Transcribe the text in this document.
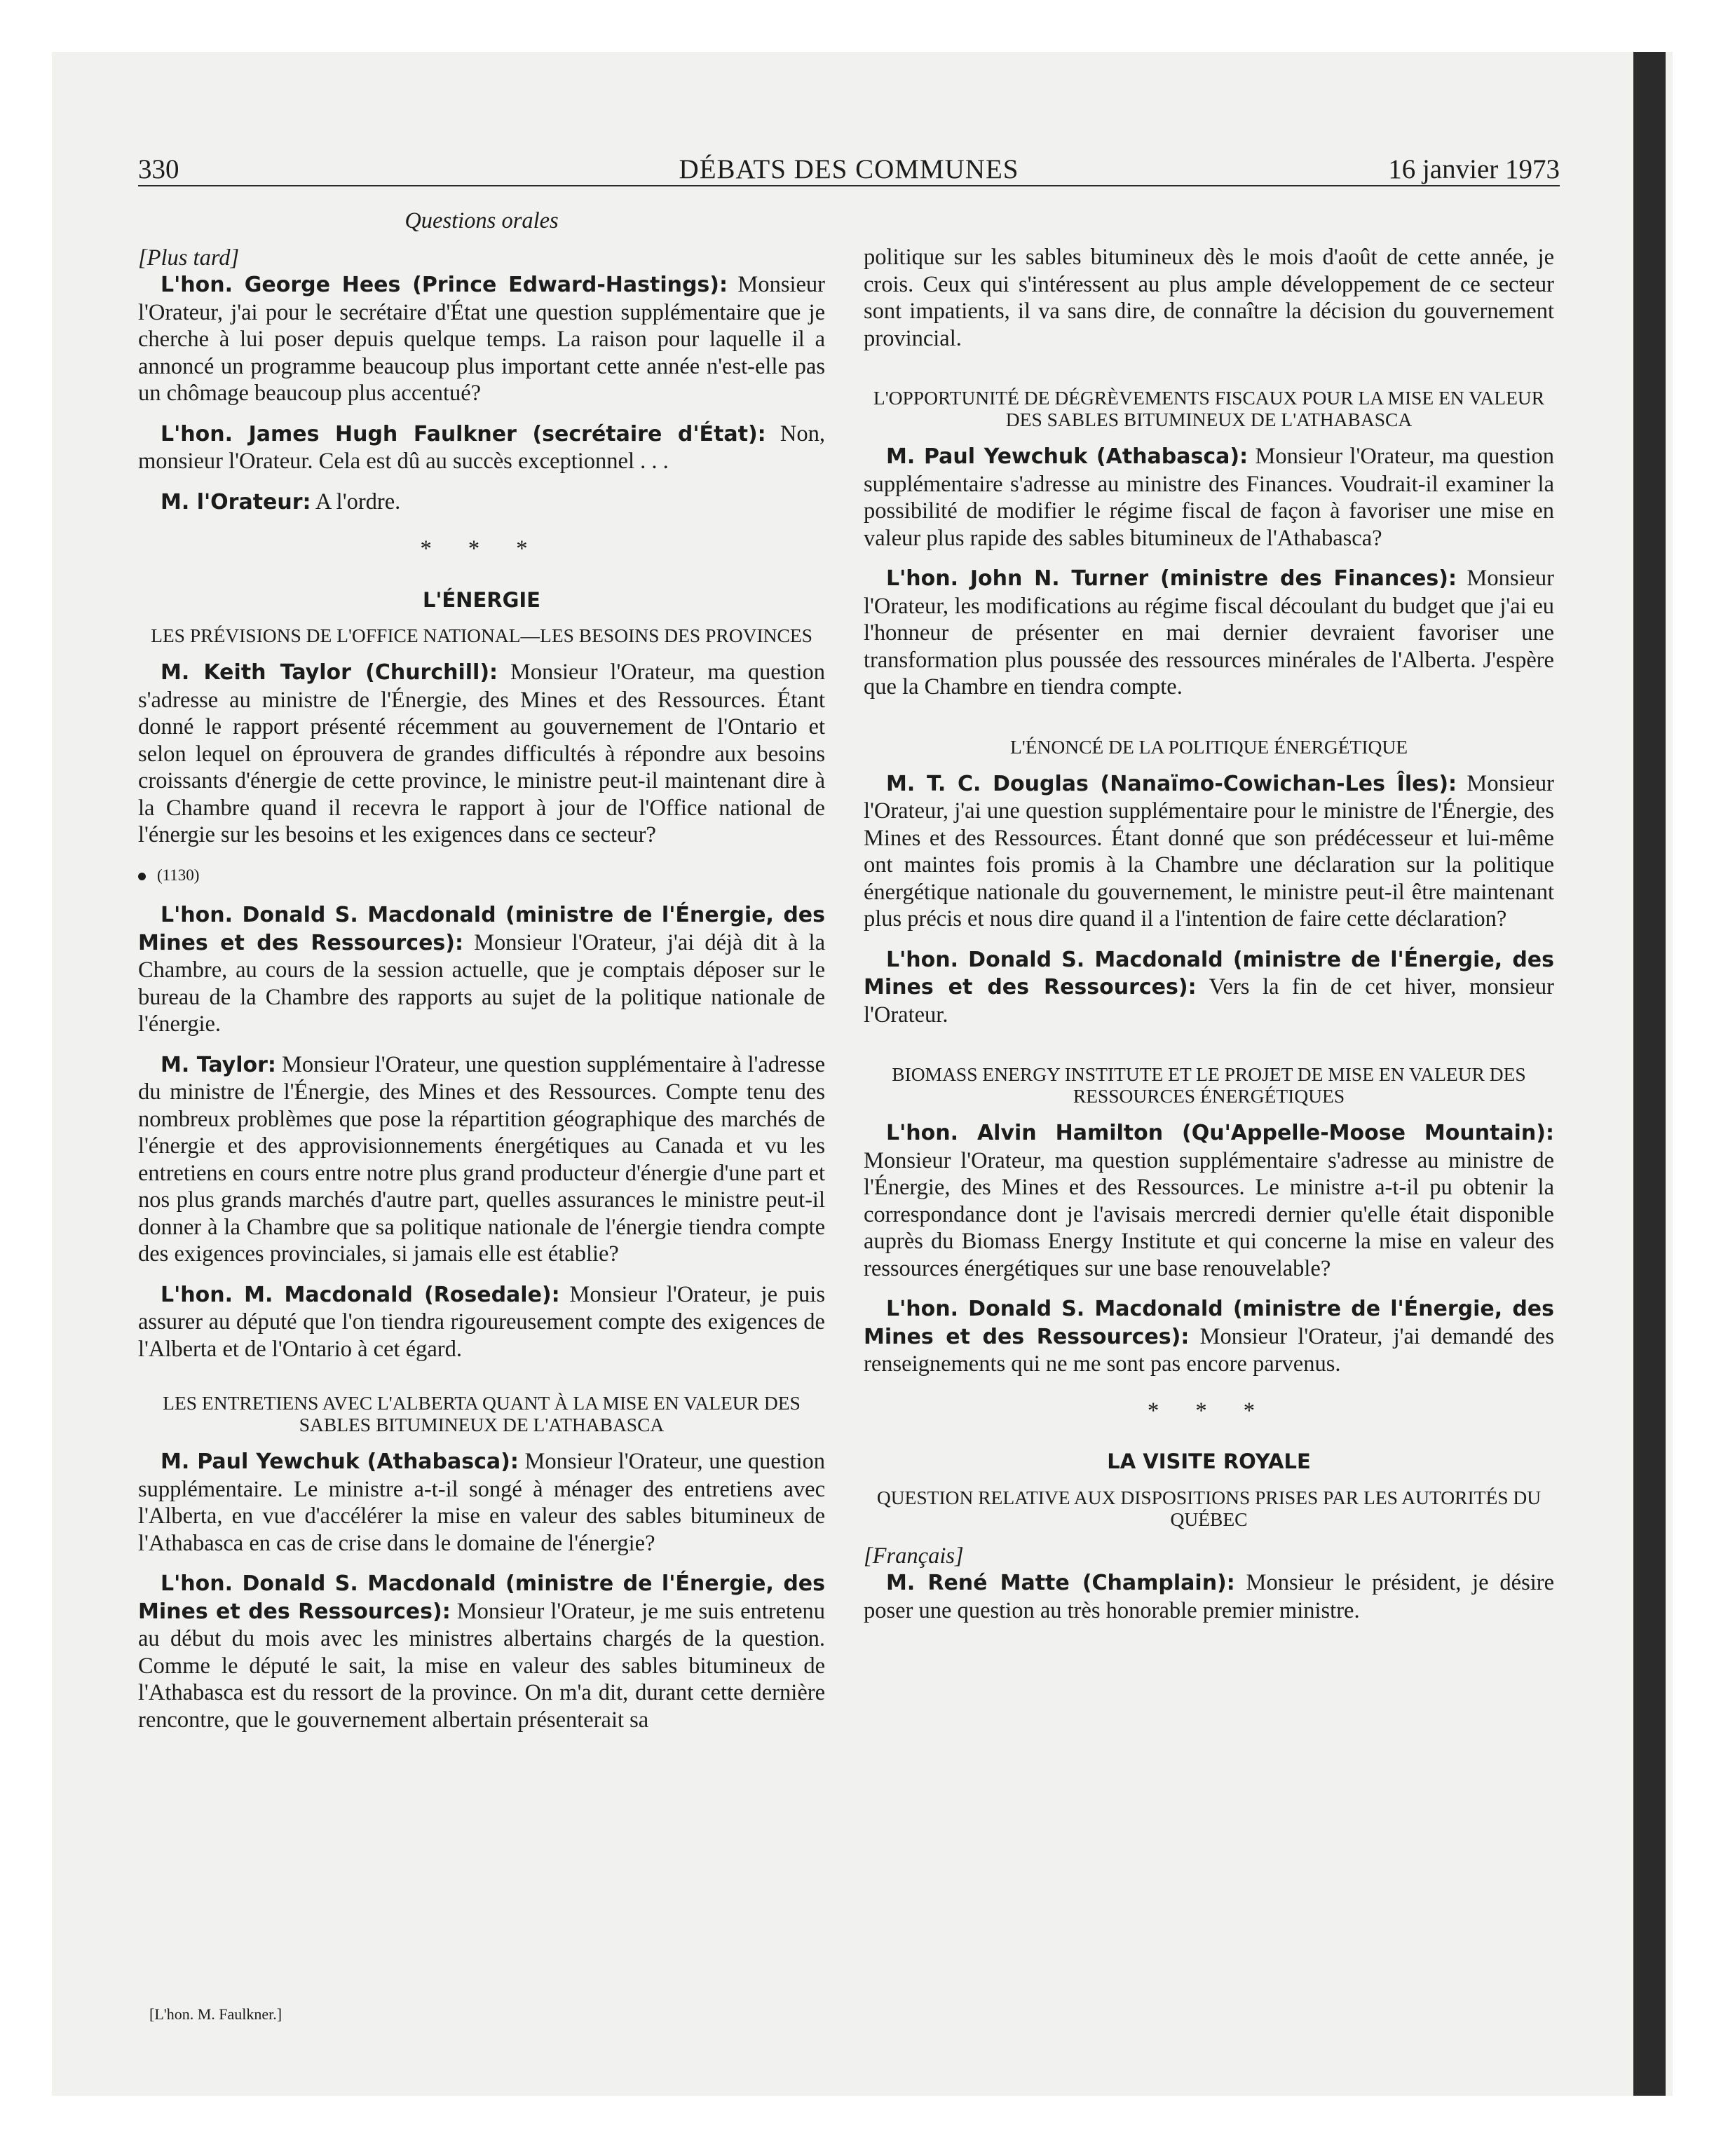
330	DÉBATS DES COMMUNES	16 janvier 1973

Questions orales

[Plus tard]

L'hon. George Hees (Prince Edward-Hastings): Monsieur l'Orateur, j'ai pour le secrétaire d'État une question supplémentaire que je cherche à lui poser depuis quelque temps. La raison pour laquelle il a annoncé un programme beaucoup plus important cette année n'est-elle pas un chômage beaucoup plus accentué?

L'hon. James Hugh Faulkner (secrétaire d'État): Non, monsieur l'Orateur. Cela est dû au succès exceptionnel . . .

M. l'Orateur: A l'ordre.

* * *

L'ÉNERGIE

LES PRÉVISIONS DE L'OFFICE NATIONAL—LES BESOINS DES PROVINCES

M. Keith Taylor (Churchill): Monsieur l'Orateur, ma question s'adresse au ministre de l'Énergie, des Mines et des Ressources. Étant donné le rapport présenté récemment au gouvernement de l'Ontario et selon lequel on éprouvera de grandes difficultés à répondre aux besoins croissants d'énergie de cette province, le ministre peut-il maintenant dire à la Chambre quand il recevra le rapport à jour de l'Office national de l'énergie sur les besoins et les exigences dans ce secteur?

(1130)

L'hon. Donald S. Macdonald (ministre de l'Énergie, des Mines et des Ressources): Monsieur l'Orateur, j'ai déjà dit à la Chambre, au cours de la session actuelle, que je comptais déposer sur le bureau de la Chambre des rapports au sujet de la politique nationale de l'énergie.

M. Taylor: Monsieur l'Orateur, une question supplémentaire à l'adresse du ministre de l'Énergie, des Mines et des Ressources. Compte tenu des nombreux problèmes que pose la répartition géographique des marchés de l'énergie et des approvisionnements énergétiques au Canada et vu les entretiens en cours entre notre plus grand producteur d'énergie d'une part et nos plus grands marchés d'autre part, quelles assurances le ministre peut-il donner à la Chambre que sa politique nationale de l'énergie tiendra compte des exigences provinciales, si jamais elle est établie?

L'hon. M. Macdonald (Rosedale): Monsieur l'Orateur, je puis assurer au député que l'on tiendra rigoureusement compte des exigences de l'Alberta et de l'Ontario à cet égard.

LES ENTRETIENS AVEC L'ALBERTA QUANT À LA MISE EN VALEUR DES SABLES BITUMINEUX DE L'ATHABASCA

M. Paul Yewchuk (Athabasca): Monsieur l'Orateur, une question supplémentaire. Le ministre a-t-il songé à ménager des entretiens avec l'Alberta, en vue d'accélérer la mise en valeur des sables bitumineux de l'Athabasca en cas de crise dans le domaine de l'énergie?

L'hon. Donald S. Macdonald (ministre de l'Énergie, des Mines et des Ressources): Monsieur l'Orateur, je me suis entretenu au début du mois avec les ministres albertains chargés de la question. Comme le député le sait, la mise en valeur des sables bitumineux de l'Athabasca est du ressort de la province. On m'a dit, durant cette dernière rencontre, que le gouvernement albertain présenterait sa

politique sur les sables bitumineux dès le mois d'août de cette année, je crois. Ceux qui s'intéressent au plus ample développement de ce secteur sont impatients, il va sans dire, de connaître la décision du gouvernement provincial.

L'OPPORTUNITÉ DE DÉGRÈVEMENTS FISCAUX POUR LA MISE EN VALEUR DES SABLES BITUMINEUX DE L'ATHABASCA

M. Paul Yewchuk (Athabasca): Monsieur l'Orateur, ma question supplémentaire s'adresse au ministre des Finances. Voudrait-il examiner la possibilité de modifier le régime fiscal de façon à favoriser une mise en valeur plus rapide des sables bitumineux de l'Athabasca?

L'hon. John N. Turner (ministre des Finances): Monsieur l'Orateur, les modifications au régime fiscal découlant du budget que j'ai eu l'honneur de présenter en mai dernier devraient favoriser une transformation plus poussée des ressources minérales de l'Alberta. J'espère que la Chambre en tiendra compte.

L'ÉNONCÉ DE LA POLITIQUE ÉNERGÉTIQUE

M. T. C. Douglas (Nanaïmo-Cowichan-Les Îles): Monsieur l'Orateur, j'ai une question supplémentaire pour le ministre de l'Énergie, des Mines et des Ressources. Étant donné que son prédécesseur et lui-même ont maintes fois promis à la Chambre une déclaration sur la politique énergétique nationale du gouvernement, le ministre peut-il être maintenant plus précis et nous dire quand il a l'intention de faire cette déclaration?

L'hon. Donald S. Macdonald (ministre de l'Énergie, des Mines et des Ressources): Vers la fin de cet hiver, monsieur l'Orateur.

BIOMASS ENERGY INSTITUTE ET LE PROJET DE MISE EN VALEUR DES RESSOURCES ÉNERGÉTIQUES

L'hon. Alvin Hamilton (Qu'Appelle-Moose Mountain): Monsieur l'Orateur, ma question supplémentaire s'adresse au ministre de l'Énergie, des Mines et des Ressources. Le ministre a-t-il pu obtenir la correspondance dont je l'avisais mercredi dernier qu'elle était disponible auprès du Biomass Energy Institute et qui concerne la mise en valeur des ressources énergétiques sur une base renouvelable?

L'hon. Donald S. Macdonald (ministre de l'Énergie, des Mines et des Ressources): Monsieur l'Orateur, j'ai demandé des renseignements qui ne me sont pas encore parvenus.

* * *

LA VISITE ROYALE

QUESTION RELATIVE AUX DISPOSITIONS PRISES PAR LES AUTORITÉS DU QUÉBEC

[Français]

M. René Matte (Champlain): Monsieur le président, je désire poser une question au très honorable premier ministre.

[L'hon. M. Faulkner.]
